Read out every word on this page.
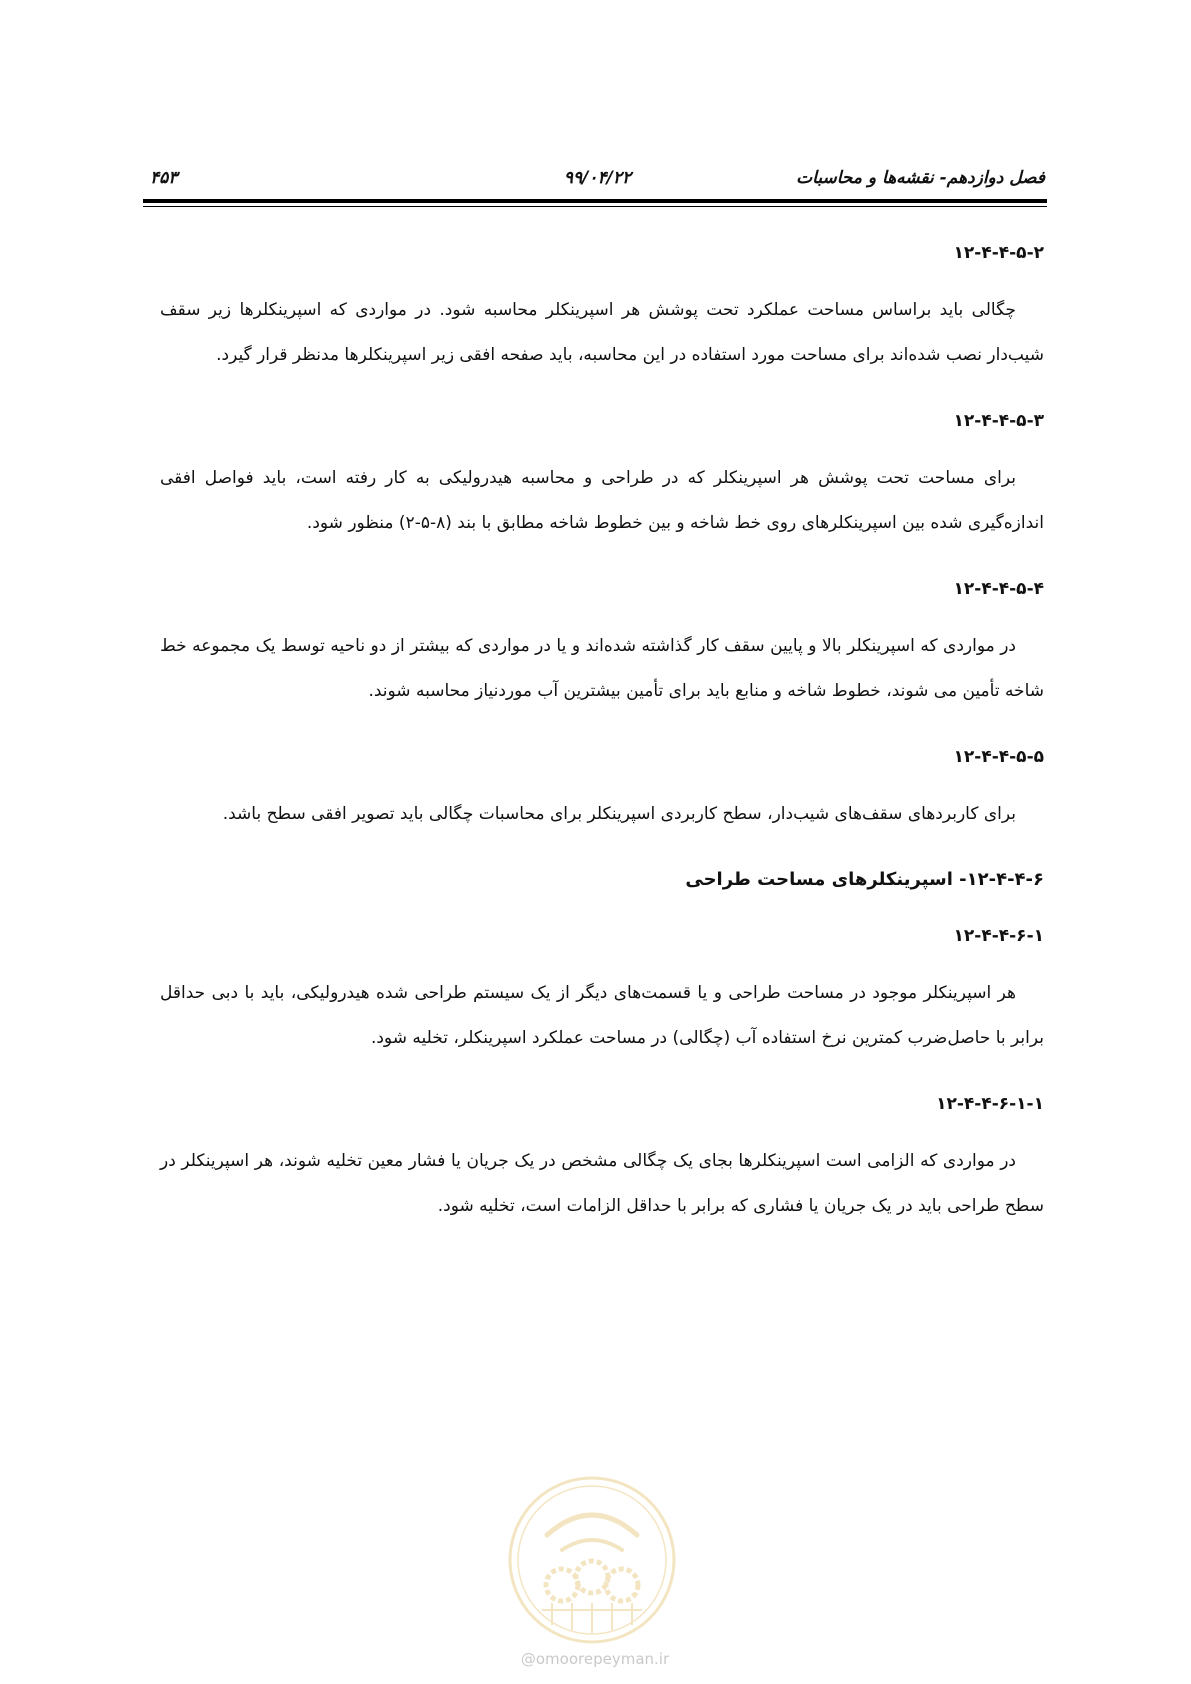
فصل دوازدهم- نقشه‌ها و محاسبات
۹۹/۰۴/۲۲
۴۵۳
۱۲-۴-۴-۵-۲

چگالی باید براساس مساحت عملکرد تحت پوشش هر اسپرینکلر محاسبه شود. در مواردی که اسپرینکلرها زیر سقف شیب‌دار نصب شده‌اند برای مساحت مورد استفاده در این محاسبه، باید صفحه افقی زیر اسپرینکلرها مدنظر قرار گیرد.

۱۲-۴-۴-۵-۳

برای مساحت تحت پوشش هر اسپرینکلر که در طراحی و محاسبه هیدرولیکی به کار رفته است، باید فواصل افقی اندازه‌گیری شده بین اسپرینکلرهای روی خط شاخه و بین خطوط شاخه مطابق با بند (۸-۵-۲) منظور شود.

۱۲-۴-۴-۵-۴

در مواردی که اسپرینکلر بالا و پایین سقف کار گذاشته شده‌اند و یا در مواردی که بیشتر از دو ناحیه توسط یک مجموعه خط شاخه تأمین می شوند، خطوط شاخه و منابع باید برای تأمین بیشترین آب موردنیاز محاسبه شوند.

۱۲-۴-۴-۵-۵

برای کاربردهای سقف‌های شیب‌دار، سطح کاربردی اسپرینکلر برای محاسبات چگالی باید تصویر افقی سطح باشد.

۱۲-۴-۴-۶- اسپرینکلرهای مساحت طراحی
۱۲-۴-۴-۶-۱

هر اسپرینکلر موجود در مساحت طراحی و یا قسمت‌های دیگر از یک سیستم طراحی شده هیدرولیکی، باید با دبی حداقل برابر با حاصل‌ضرب کمترین نرخ استفاده آب (چگالی) در مساحت عملکرد اسپرینکلر، تخلیه شود.

۱۲-۴-۴-۶-۱-۱

در مواردی که الزامی است اسپرینکلرها بجای یک چگالی مشخص در یک جریان یا فشار معین تخلیه شوند، هر اسپرینکلر در سطح طراحی باید در یک جریان یا فشاری که برابر با حداقل الزامات است، تخلیه شود.

@omoorepeyman.ir
